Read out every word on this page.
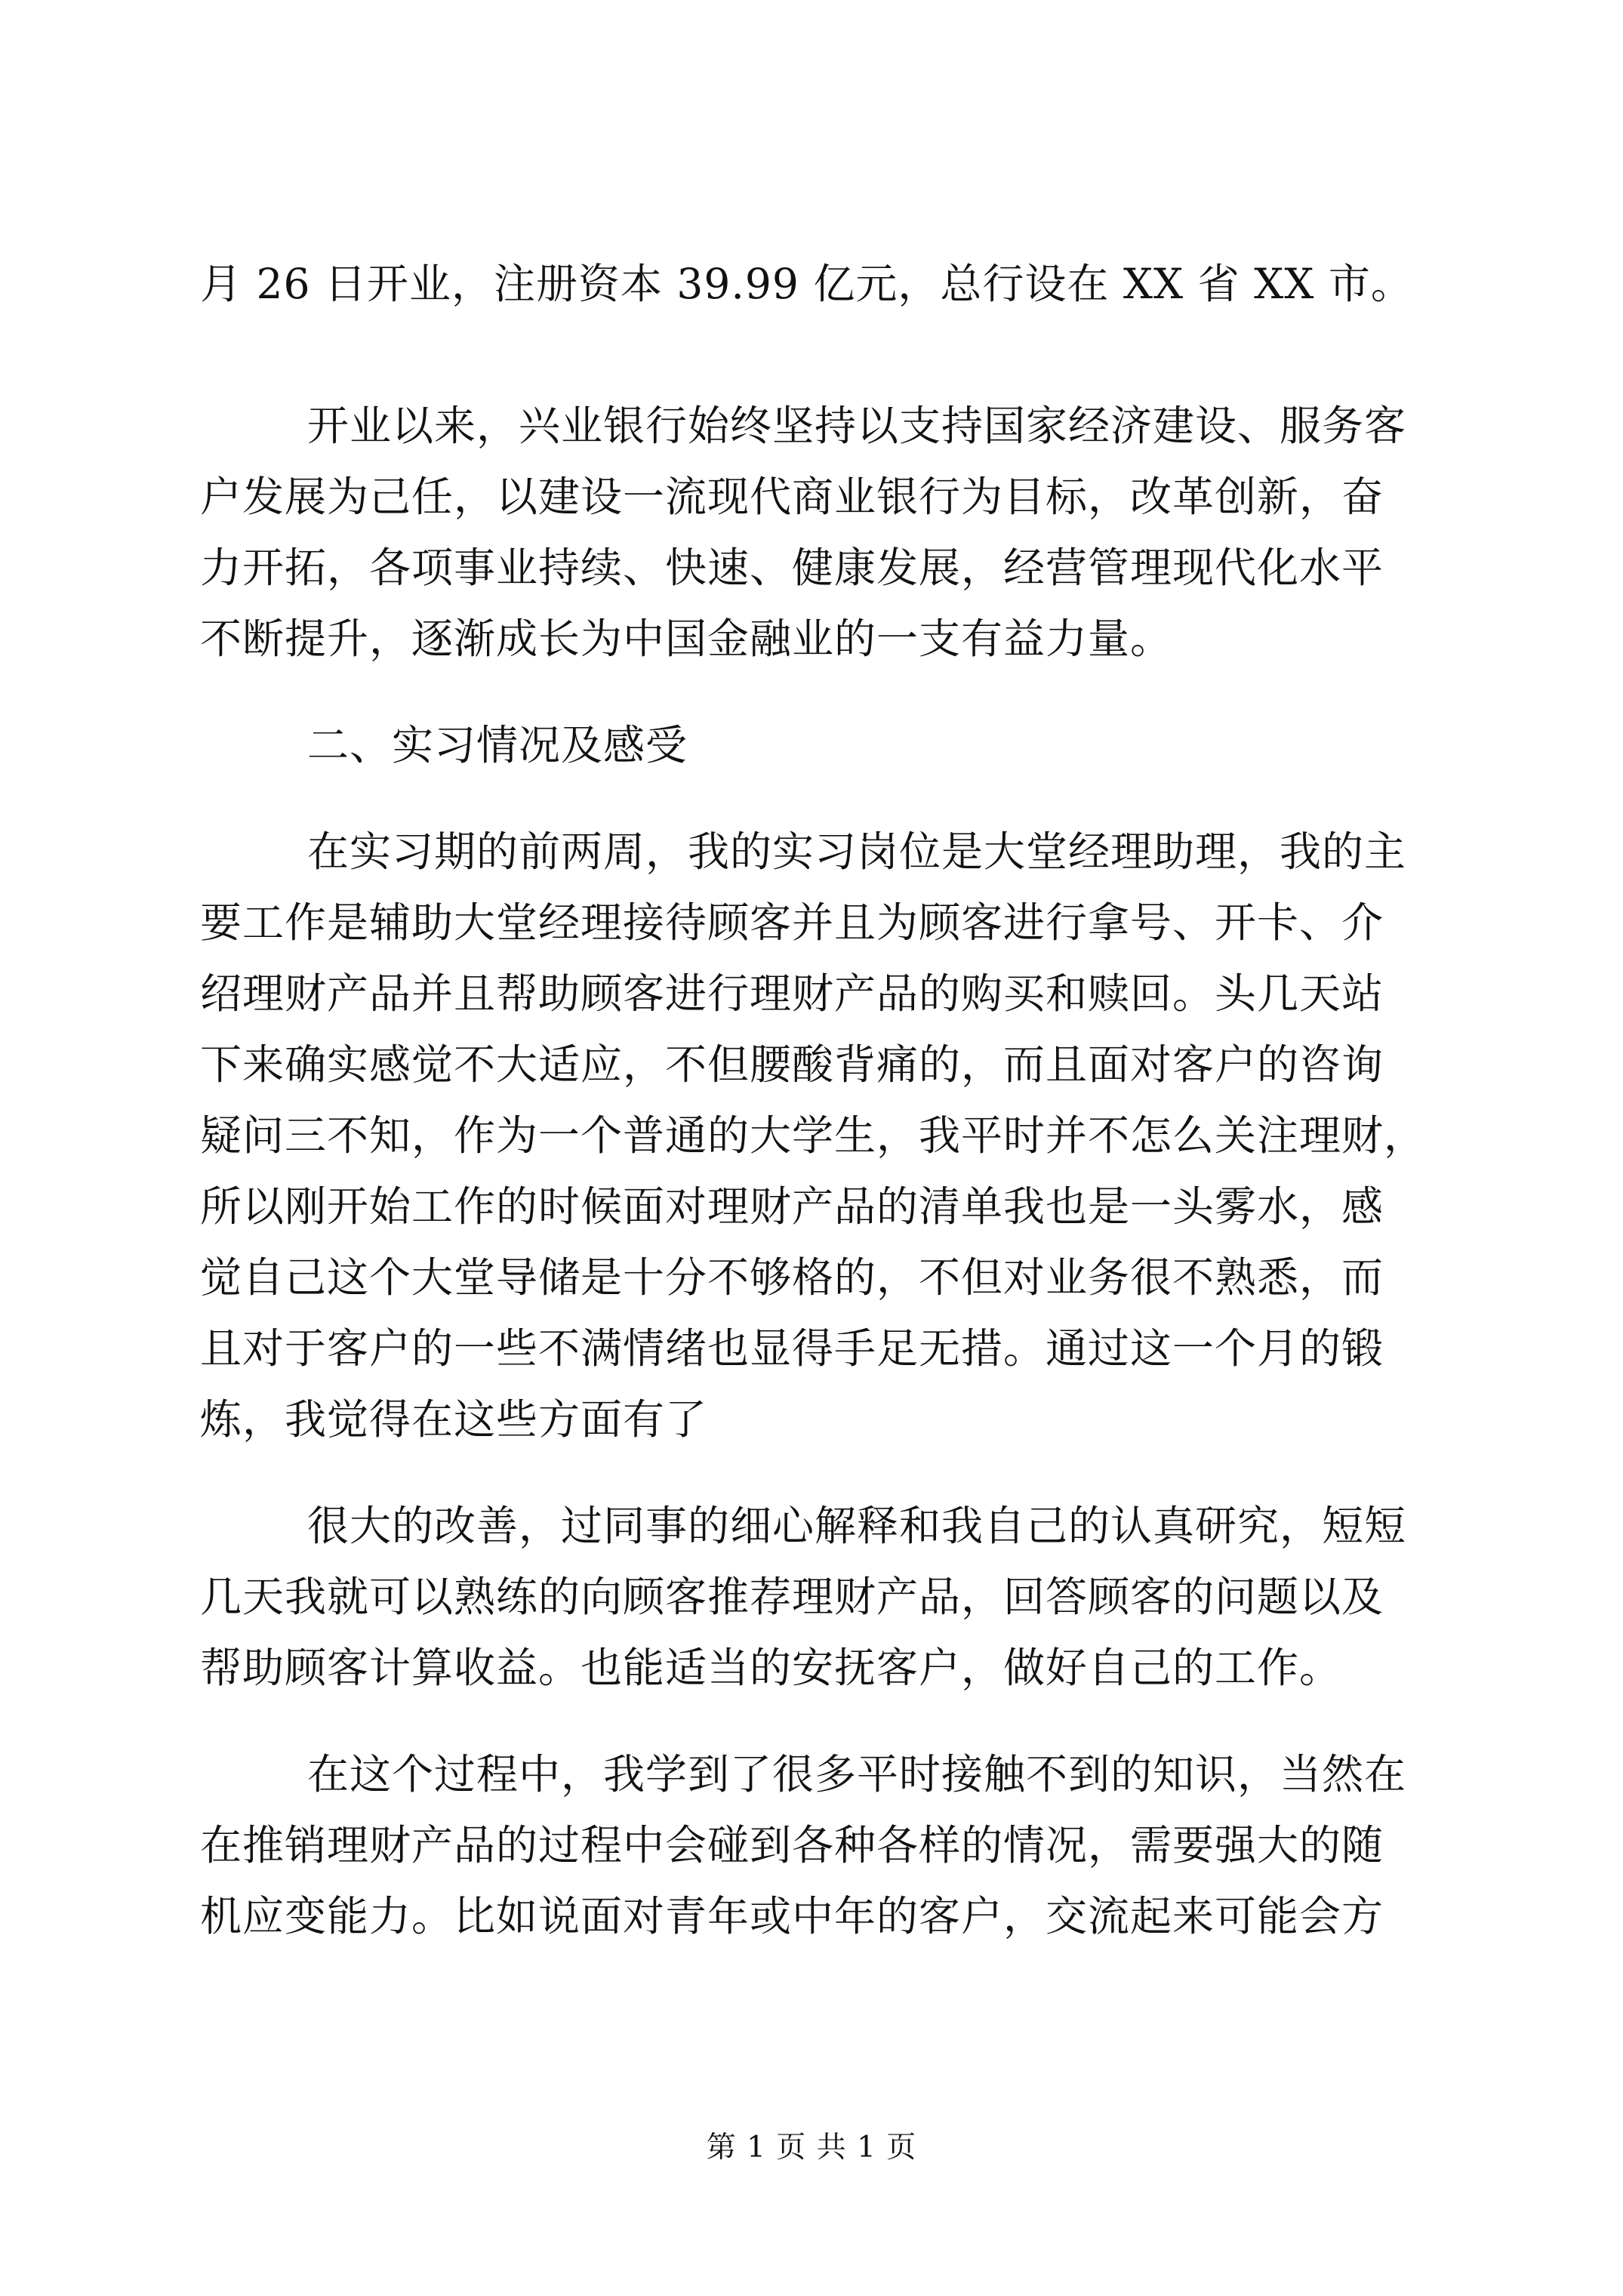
月 26 日开业，注册资本 39.99 亿元，总行设在 XX 省 XX 市。
开业以来，兴业银行始终坚持以支持国家经济建设、服务客
户发展为己任，以建设一流现代商业银行为目标，改革创新，奋
力开拓，各项事业持续、快速、健康发展，经营管理现代化水平
不断提升，逐渐成长为中国金融业的一支有益力量。
二、实习情况及感受
在实习期的前两周，我的实习岗位是大堂经理助理，我的主
要工作是辅助大堂经理接待顾客并且为顾客进行拿号、开卡、介
绍理财产品并且帮助顾客进行理财产品的购买和赎回。头几天站
下来确实感觉不大适应，不但腰酸背痛的，而且面对客户的咨询
疑问三不知，作为一个普通的大学生，我平时并不怎么关注理财，
所以刚开始工作的时候面对理财产品的清单我也是一头雾水，感
觉自己这个大堂导储是十分不够格的，不但对业务很不熟悉，而
且对于客户的一些不满情绪也显得手足无措。通过这一个月的锻
炼，我觉得在这些方面有了
很大的改善，过同事的细心解释和我自己的认真研究，短短
几天我就可以熟练的向顾客推荐理财产品，回答顾客的问题以及
帮助顾客计算收益。也能适当的安抚客户，做好自己的工作。
在这个过程中，我学到了很多平时接触不到的知识，当然在
在推销理财产品的过程中会碰到各种各样的情况，需要强大的随
机应变能力。比如说面对青年或中年的客户，交流起来可能会方
第 1 页 共 1 页
